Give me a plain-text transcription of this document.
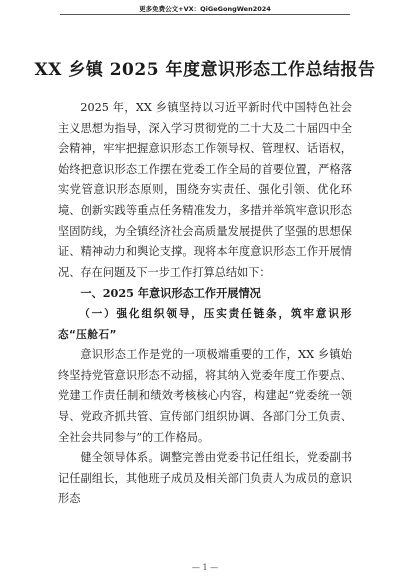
更多免费公文+VX：QiGeGongWen2024
XX 乡镇 2025 年度意识形态工作总结报告

2025 年，XX 乡镇坚持以习近平新时代中国特色社会主义思想为指导，深入学习贯彻党的二十大及二十届四中全会精神，牢牢把握意识形态工作领导权、管理权、话语权，始终把意识形态工作摆在党委工作全局的首要位置，严格落实党管意识形态原则，围绕夯实责任、强化引领、优化环境、创新实践等重点任务精准发力，多措并举筑牢意识形态坚固防线，为全镇经济社会高质量发展提供了坚强的思想保证、精神动力和舆论支撑。现将本年度意识形态工作开展情况、存在问题及下一步工作打算总结如下：

一、2025 年意识形态工作开展情况

（一）强化组织领导，压实责任链条，筑牢意识形态“压舱石”

意识形态工作是党的一项极端重要的工作，XX 乡镇始终坚持党管意识形态不动摇，将其纳入党委年度工作要点、党建工作责任制和绩效考核核心内容，构建起“党委统一领导、党政齐抓共管、宣传部门组织协调、各部门分工负责、全社会共同参与”的工作格局。

健全领导体系。调整完善由党委书记任组长，党委副书记任副组长，其他班子成员及相关部门负责人为成员的意识形态

— 1 —
